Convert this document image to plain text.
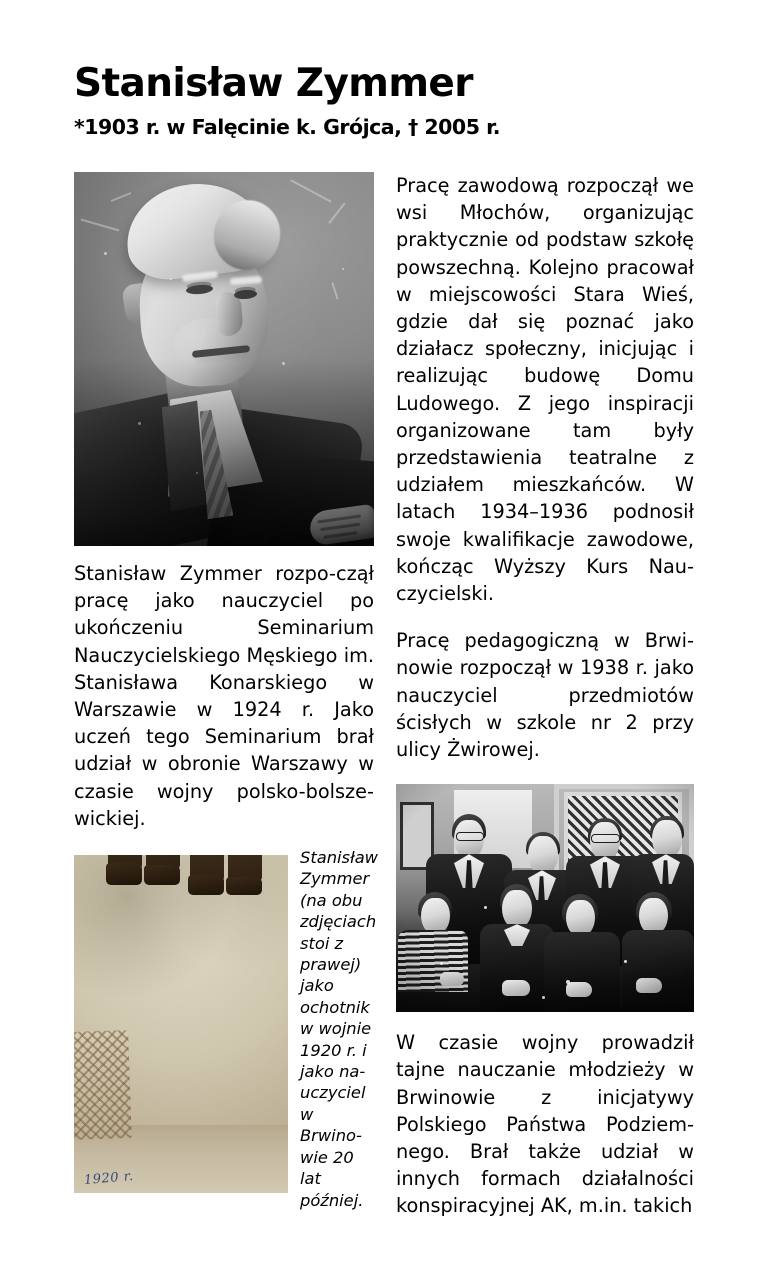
Stanisław Zymmer
*1903 r. w Falęcinie k. Grójca, † 2005 r.

Stanisław Zymmer rozpo-czął pracę jako nauczyciel po ukończeniu Seminarium Nauczycielskiego Męskiego im. Stanisława Konarskiego w Warszawie w 1924 r. Jako uczeń tego Seminarium brał udział w obronie Warszawy w czasie wojny polsko-bolsze-wickiej.

1920 r.

Stanisław Zymmer (na obu zdjęciach stoi z prawej) jako ochotnik w wojnie 1920 r. i jako na-uczyciel w Brwino-wie 20 lat później.

Pracę zawodową rozpoczął we wsi Młochów, organizując praktycznie od podstaw szkołę powszechną. Kolejno pracował w miejscowości Stara Wieś, gdzie dał się poznać jako działacz społeczny, inicjując i realizując budowę Domu Ludowego. Z jego inspiracji organizowane tam były przedstawienia teatralne z udziałem mieszkańców. W latach 1934–1936 podnosił swoje kwalifikacje zawodowe, kończąc Wyższy Kurs Nau-czycielski.

Pracę pedagogiczną w Brwi-nowie rozpoczął w 1938 r. jako nauczyciel przedmiotów ścisłych w szkole nr 2 przy ulicy Żwirowej.

W czasie wojny prowadził tajne nauczanie młodzieży w Brwinowie z inicjatywy Polskiego Państwa Podziem-nego. Brał także udział w innych formach działalności konspiracyjnej AK, m.in. takich
